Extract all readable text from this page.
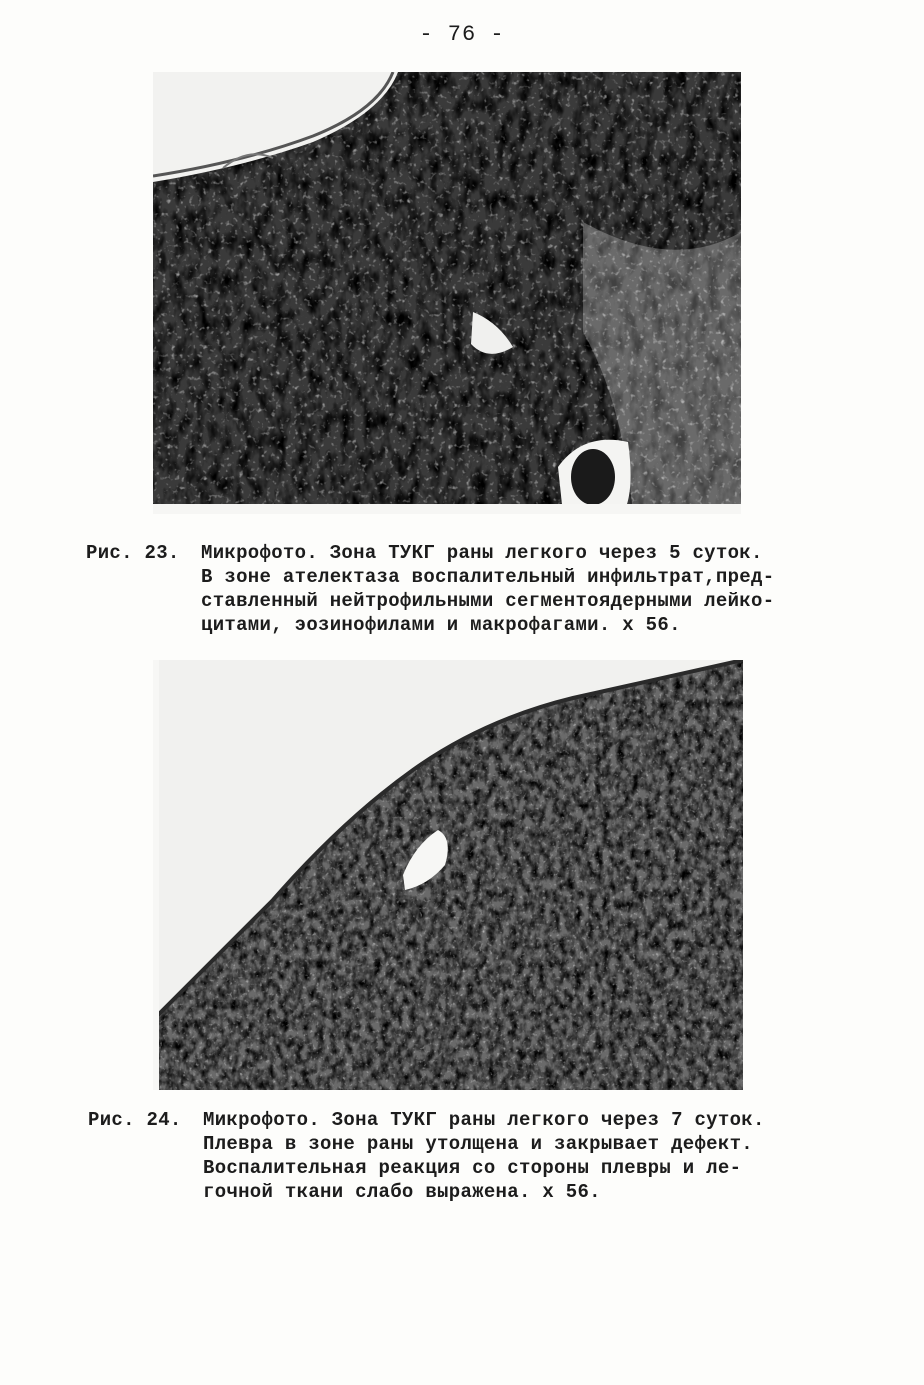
- 76 -
Рис. 23. Микрофото. Зона ТУКГ раны легкого через 5 суток.
В зоне ателектаза воспалительный инфильтрат,пред-
ставленный нейтрофильными сегментоядерными лейко-
цитами, эозинофилами и макрофагами. х 56.
Рис. 24. Микрофото. Зона ТУКГ раны легкого через 7 суток.
Плевра в зоне раны утолщена и закрывает дефект.
Воспалительная реакция со стороны плевры и ле-
гочной ткани слабо выражена. х 56.
